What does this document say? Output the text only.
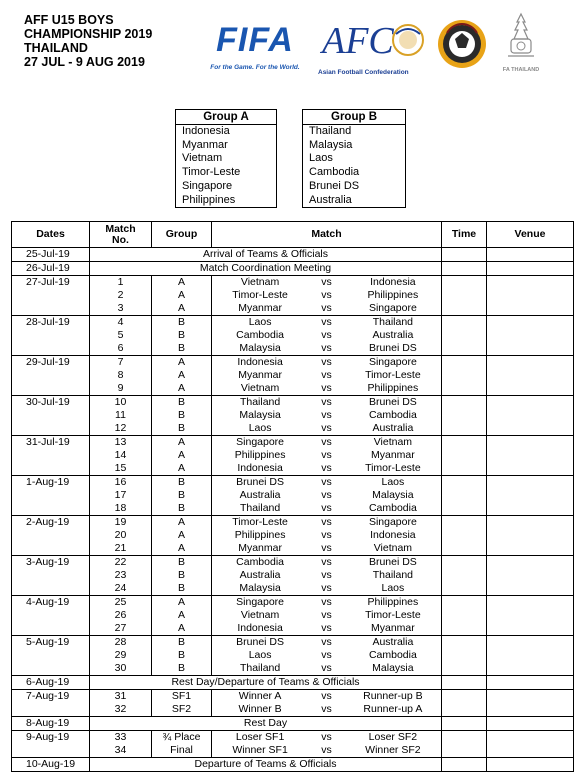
AFF U15 BOYS
CHAMPIONSHIP 2019
THAILAND
27 JUL - 9 AUG 2019
FIFA
For the Game. For the World.
AFC
Asian Football Confederation	FA THAILAND
Group A
Indonesia
Myanmar
Vietnam
Timor-Leste
Singapore
Philippines
Group B
Thailand
Malaysia
Laos
Cambodia
Brunei DS
Australia
Dates	Match
No.	Group	Match	Time	Venue
25-Jul-19	Arrival of Teams & Officials				
26-Jul-19	Match Coordination Meeting				
27-Jul-19	1	A	Vietnam vs Indonesia		

	2	A	Timor-Leste vs Philippines		

	3	A	Myanmar vs Singapore		

28-Jul-19	4	B	Laos vs Thailand		

	5	B	Cambodia vs Australia		

	6	B	Malaysia vs Brunei DS		

29-Jul-19	7	A	Indonesia vs Singapore		

	8	A	Myanmar vs Timor-Leste		

	9	A	Vietnam vs Philippines		

30-Jul-19	10	B	Thailand vs Brunei DS		

	11	B	Malaysia vs Cambodia		

	12	B	Laos vs Australia		

31-Jul-19	13	A	Singapore vs Vietnam		

	14	A	Philippines vs Myanmar		

	15	A	Indonesia vs Timor-Leste		

1-Aug-19	16	B	Brunei DS vs Laos		

	17	B	Australia vs Malaysia		

	18	B	Thailand vs Cambodia		

2-Aug-19	19	A	Timor-Leste vs Singapore		

	20	A	Philippines vs Indonesia		

	21	A	Myanmar vs Vietnam		

3-Aug-19	22	B	Cambodia vs Brunei DS		

	23	B	Australia vs Thailand		

	24	B	Malaysia vs Laos		

4-Aug-19	25	A	Singapore vs Philippines		

	26	A	Vietnam vs Timor-Leste		

	27	A	Indonesia vs Myanmar		

5-Aug-19	28	B	Brunei DS vs Australia		

	29	B	Laos vs Cambodia		

	30	B	Thailand vs Malaysia		

6-Aug-19	Rest Day/Departure of Teams & Officials				
7-Aug-19	31	SF1	Winner A vs Runner-up B		

	32	SF2	Winner B vs Runner-up A		

8-Aug-19	Rest Day				
9-Aug-19	33	¾ Place	Loser SF1 vs Loser SF2		

	34	Final	Winner SF1 vs Winner SF2		

10-Aug-19	Departure of Teams & Officials				
